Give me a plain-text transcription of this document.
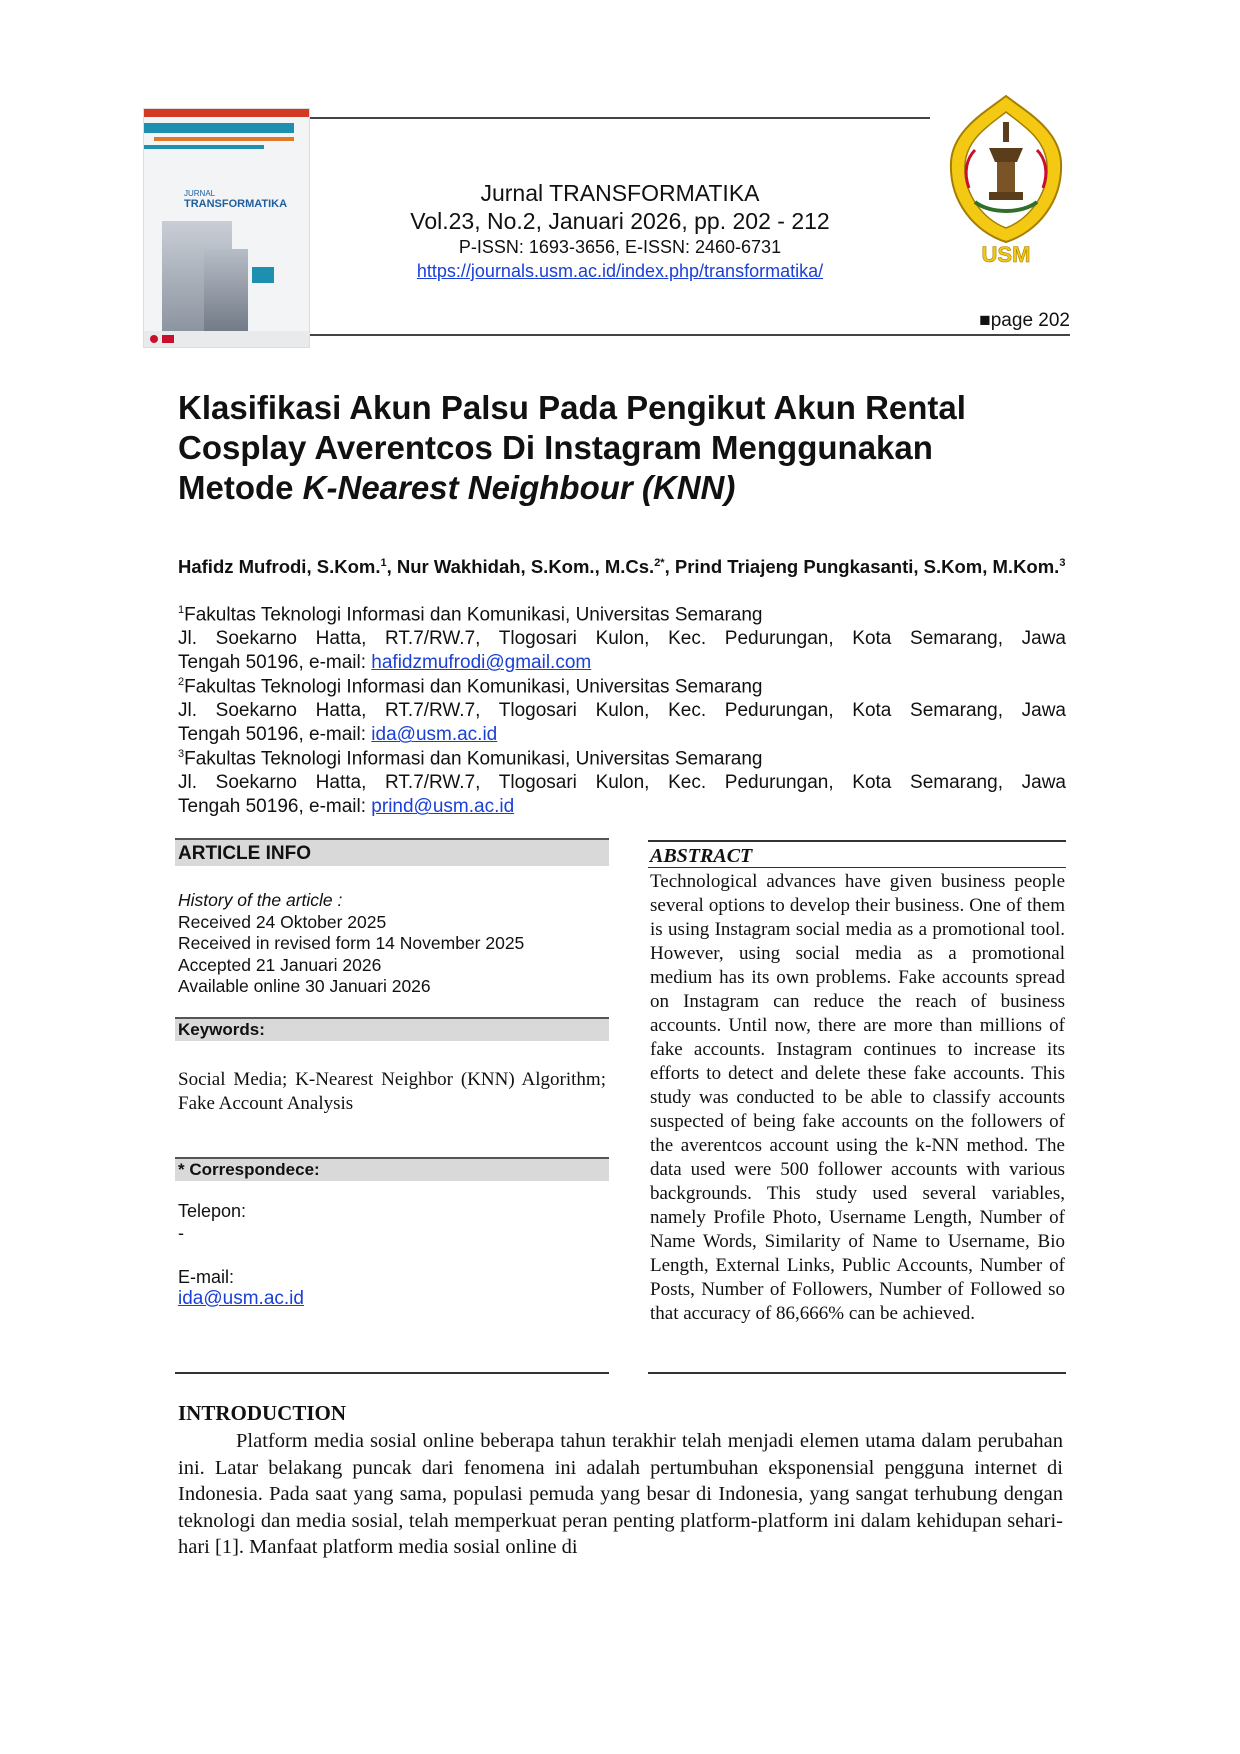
JURNAL
TRANSFORMATIKA	Jurnal TRANSFORMATIKA
Vol.23, No.2, Januari 2026, pp. 202 - 212
P-ISSN: 1693-3656, E-ISSN: 2460-6731
https://journals.usm.ac.id/index.php/transformatika/
USM
■page 202
Klasifikasi Akun Palsu Pada Pengikut Akun Rental
Cosplay Averentcos Di Instagram Menggunakan
Metode K-Nearest Neighbour (KNN)
Hafidz Mufrodi, S.Kom.$^1$, Nur Wakhidah, S.Kom., M.Cs.$^{2*}$, Prind Triajeng Pungkasanti, S.Kom, M.Kom.$^3$
$^1$Fakultas Teknologi Informasi dan Komunikasi, Universitas Semarang
Jl. Soekarno Hatta, RT.7/RW.7, Tlogosari Kulon, Kec. Pedurungan, Kota Semarang, Jawa
Tengah 50196, e-mail: hafidzmufrodi@gmail.com
$^2$Fakultas Teknologi Informasi dan Komunikasi, Universitas Semarang
Jl. Soekarno Hatta, RT.7/RW.7, Tlogosari Kulon, Kec. Pedurungan, Kota Semarang, Jawa
Tengah 50196, e-mail: ida@usm.ac.id
$^3$Fakultas Teknologi Informasi dan Komunikasi, Universitas Semarang
Jl. Soekarno Hatta, RT.7/RW.7, Tlogosari Kulon, Kec. Pedurungan, Kota Semarang, Jawa
Tengah 50196, e-mail: prind@usm.ac.id
ARTICLE INFO
History of the article :
Received 24 Oktober 2025
Received in revised form 14 November 2025
Accepted 21 Januari 2026
Available online 30 Januari 2026
Keywords:
Social Media; K-Nearest Neighbor (KNN) Algorithm; Fake Account Analysis
* Correspondece:
Telepon:
-
E-mail:
ida@usm.ac.id
ABSTRACT
Technological advances have given business people several options to develop their business. One of them is using Instagram social media as a promotional tool. However, using social media as a promotional medium has its own problems. Fake accounts spread on Instagram can reduce the reach of business accounts. Until now, there are more than millions of fake accounts. Instagram continues to increase its efforts to detect and delete these fake accounts. This study was conducted to be able to classify accounts suspected of being fake accounts on the followers of the averentcos account using the k-NN method. The data used were 500 follower accounts with various backgrounds. This study used several variables, namely Profile Photo, Username Length, Number of Name Words, Similarity of Name to Username, Bio Length, External Links, Public Accounts, Number of Posts, Number of Followers, Number of Followed so that accuracy of 86,666% can be achieved.
INTRODUCTION
Platform media sosial online beberapa tahun terakhir telah menjadi elemen utama dalam perubahan ini. Latar belakang puncak dari fenomena ini adalah pertumbuhan eksponensial pengguna internet di Indonesia. Pada saat yang sama, populasi pemuda yang besar di Indonesia, yang sangat terhubung dengan teknologi dan media sosial, telah memperkuat peran penting platform-platform ini dalam kehidupan sehari-hari [1]. Manfaat platform media sosial online di
